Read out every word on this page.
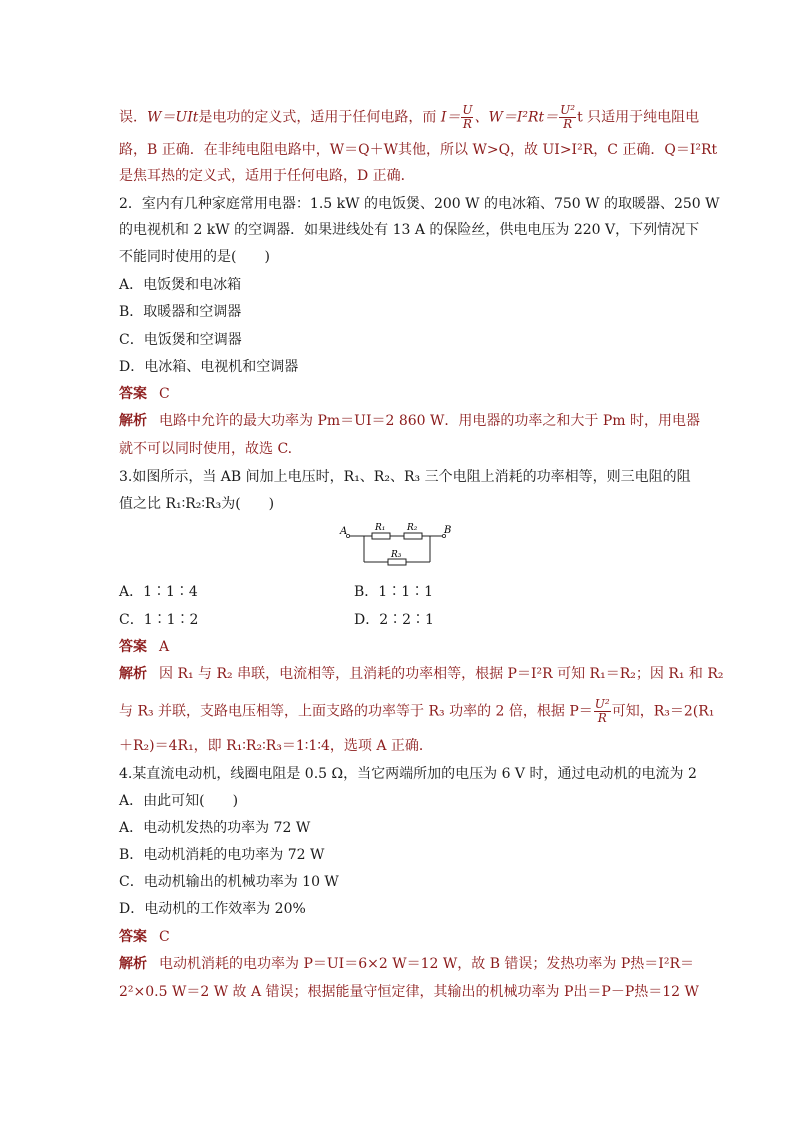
误．W＝UIt是电功的定义式，适用于任何电路，而 $I= \frac{U}{R}$ 、$W=I^2Rt= \frac{\text{U²}}{R}$ t 只适用于纯电阻电
路，B 正确．在非纯电阻电路中，W＝Q＋W其他，所以 W>Q，故 UI>I²R，C 正确．Q＝I²Rt
是焦耳热的定义式，适用于任何电路，D 正确．
2．室内有几种家庭常用电器：1.5 kW 的电饭煲、200 W 的电冰箱、750 W 的取暖器、250 W
的电视机和 2 kW 的空调器．如果进线处有 13 A 的保险丝，供电电压为 220 V，下列情况下
不能同时使用的是(　　)
A．电饭煲和电冰箱
B．取暖器和空调器
C．电饭煲和空调器
D．电冰箱、电视机和空调器
答案 C
解析 电路中允许的最大功率为 Pm＝UI＝2 860 W．用电器的功率之和大于 Pm 时，用电器
就不可以同时使用，故选 C.
3.如图所示，当 AB 间加上电压时，R₁、R₂、R₃ 三个电阻上消耗的功率相等，则三电阻的阻
值之比 R₁∶R₂∶R₃为(　　)
A	B
R₁ R₂
R₃
A．1∶1∶4	B．1∶1∶1
C．1∶1∶2	D．2∶2∶1
答案 A
解析 因 R₁ 与 R₂ 串联，电流相等，且消耗的功率相等，根据 P＝I²R 可知 R₁＝R₂；因 R₁ 和 R₂
与 R₃ 并联，支路电压相等，上面支路的功率等于 R₃ 功率的 2 倍，根据 $P= \frac{\text{U²}}{R}$ 可知，R₃＝2(R₁
＋R₂)＝4R₁，即 R₁∶R₂∶R₃＝1∶1∶4，选项 A 正确．
4.某直流电动机，线圈电阻是 0.5 Ω，当它两端所加的电压为 6 V 时，通过电动机的电流为 2
A．由此可知(　　)
A．电动机发热的功率为 72 W
B．电动机消耗的电功率为 72 W
C．电动机输出的机械功率为 10 W
D．电动机的工作效率为 20%
答案 C
解析 电动机消耗的电功率为 P＝UI＝6×2 W＝12 W，故 B 错误；发热功率为 P热＝I²R＝
2²×0.5 W＝2 W 故 A 错误；根据能量守恒定律，其输出的机械功率为 P出＝P－P热＝12 W
